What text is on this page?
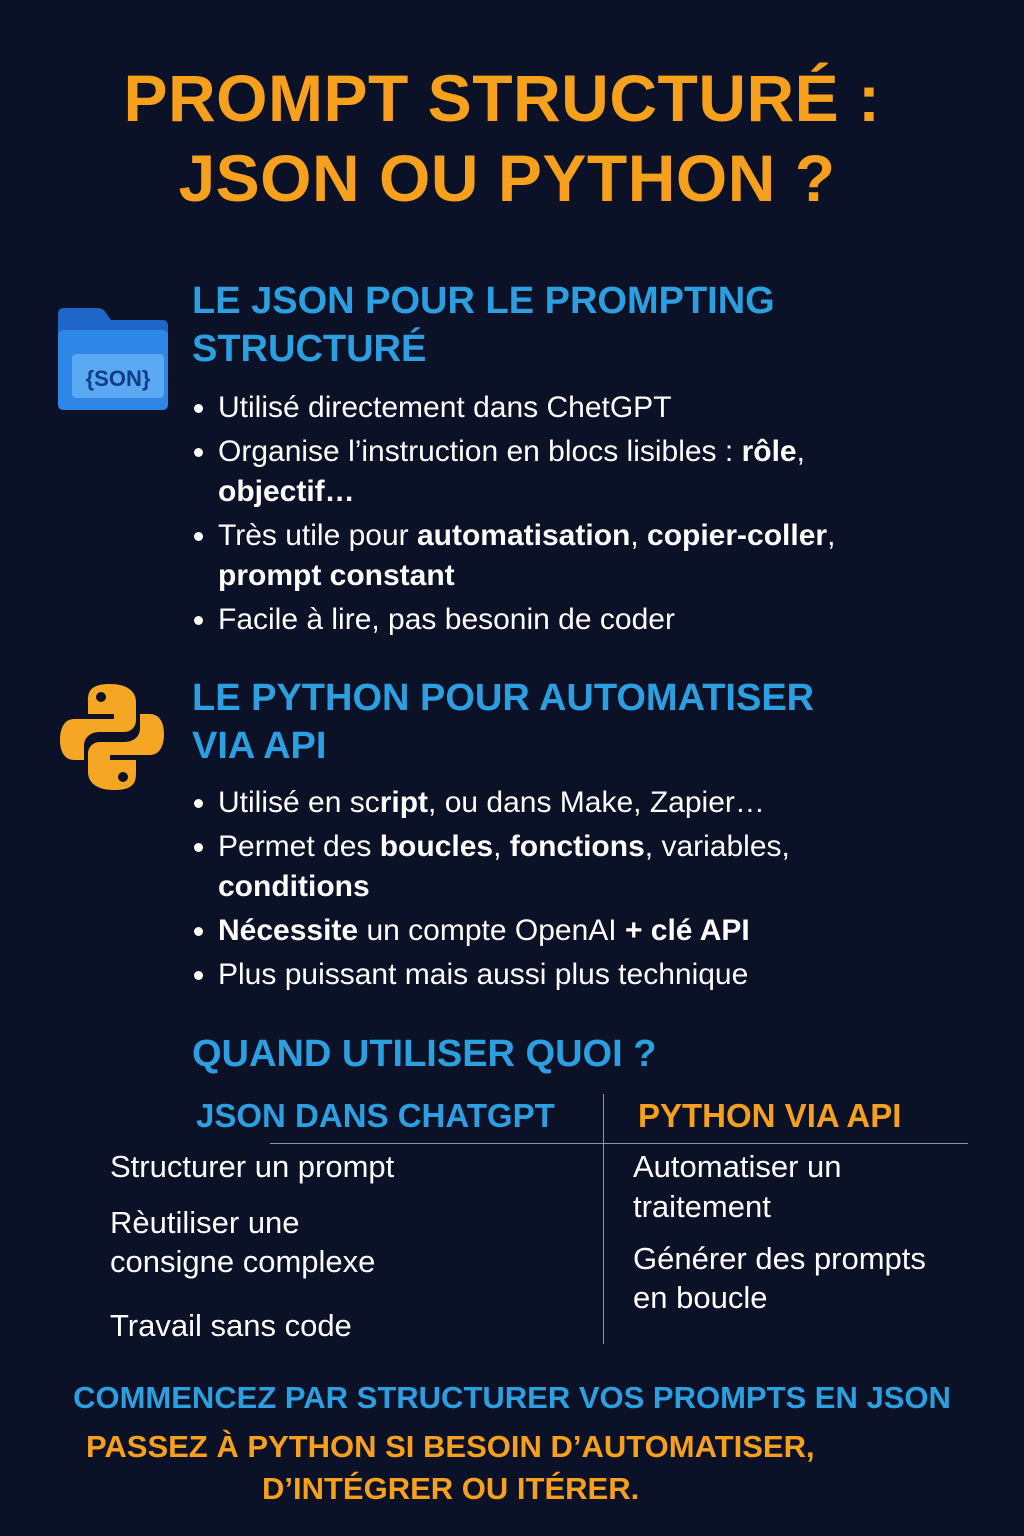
PROMPT STRUCTURÉ :
JSON OU PYTHON ?
{SON}
LE JSON POUR LE PROMPTING
STRUCTURÉ
Utilisé directement dans ChetGPT
Organise l’instruction en blocs lisibles : rôle,
objectif…
Très utile pour automatisation, copier-coller,
prompt constant
Facile à lire, pas besonin de coder
LE PYTHON POUR AUTOMATISER
VIA API
Utilisé en script, ou dans Make, Zapier…
Permet des boucles, fonctions, variables,
conditions
Nécessite un compte OpenAI + clé API
Plus puissant mais aussi plus technique
QUAND UTILISER QUOI ?
JSON DANS CHATGPT	PYTHON VIA API
Structurer un prompt
Rèutiliser une
consigne complexe
Travail sans code
Automatiser un
traitement
Générer des prompts
en boucle
COMMENCEZ PAR STRUCTURER VOS PROMPTS EN JSON
PASSEZ À PYTHON SI BESOIN D’AUTOMATISER,
D’INTÉGRER OU ITÉRER.
